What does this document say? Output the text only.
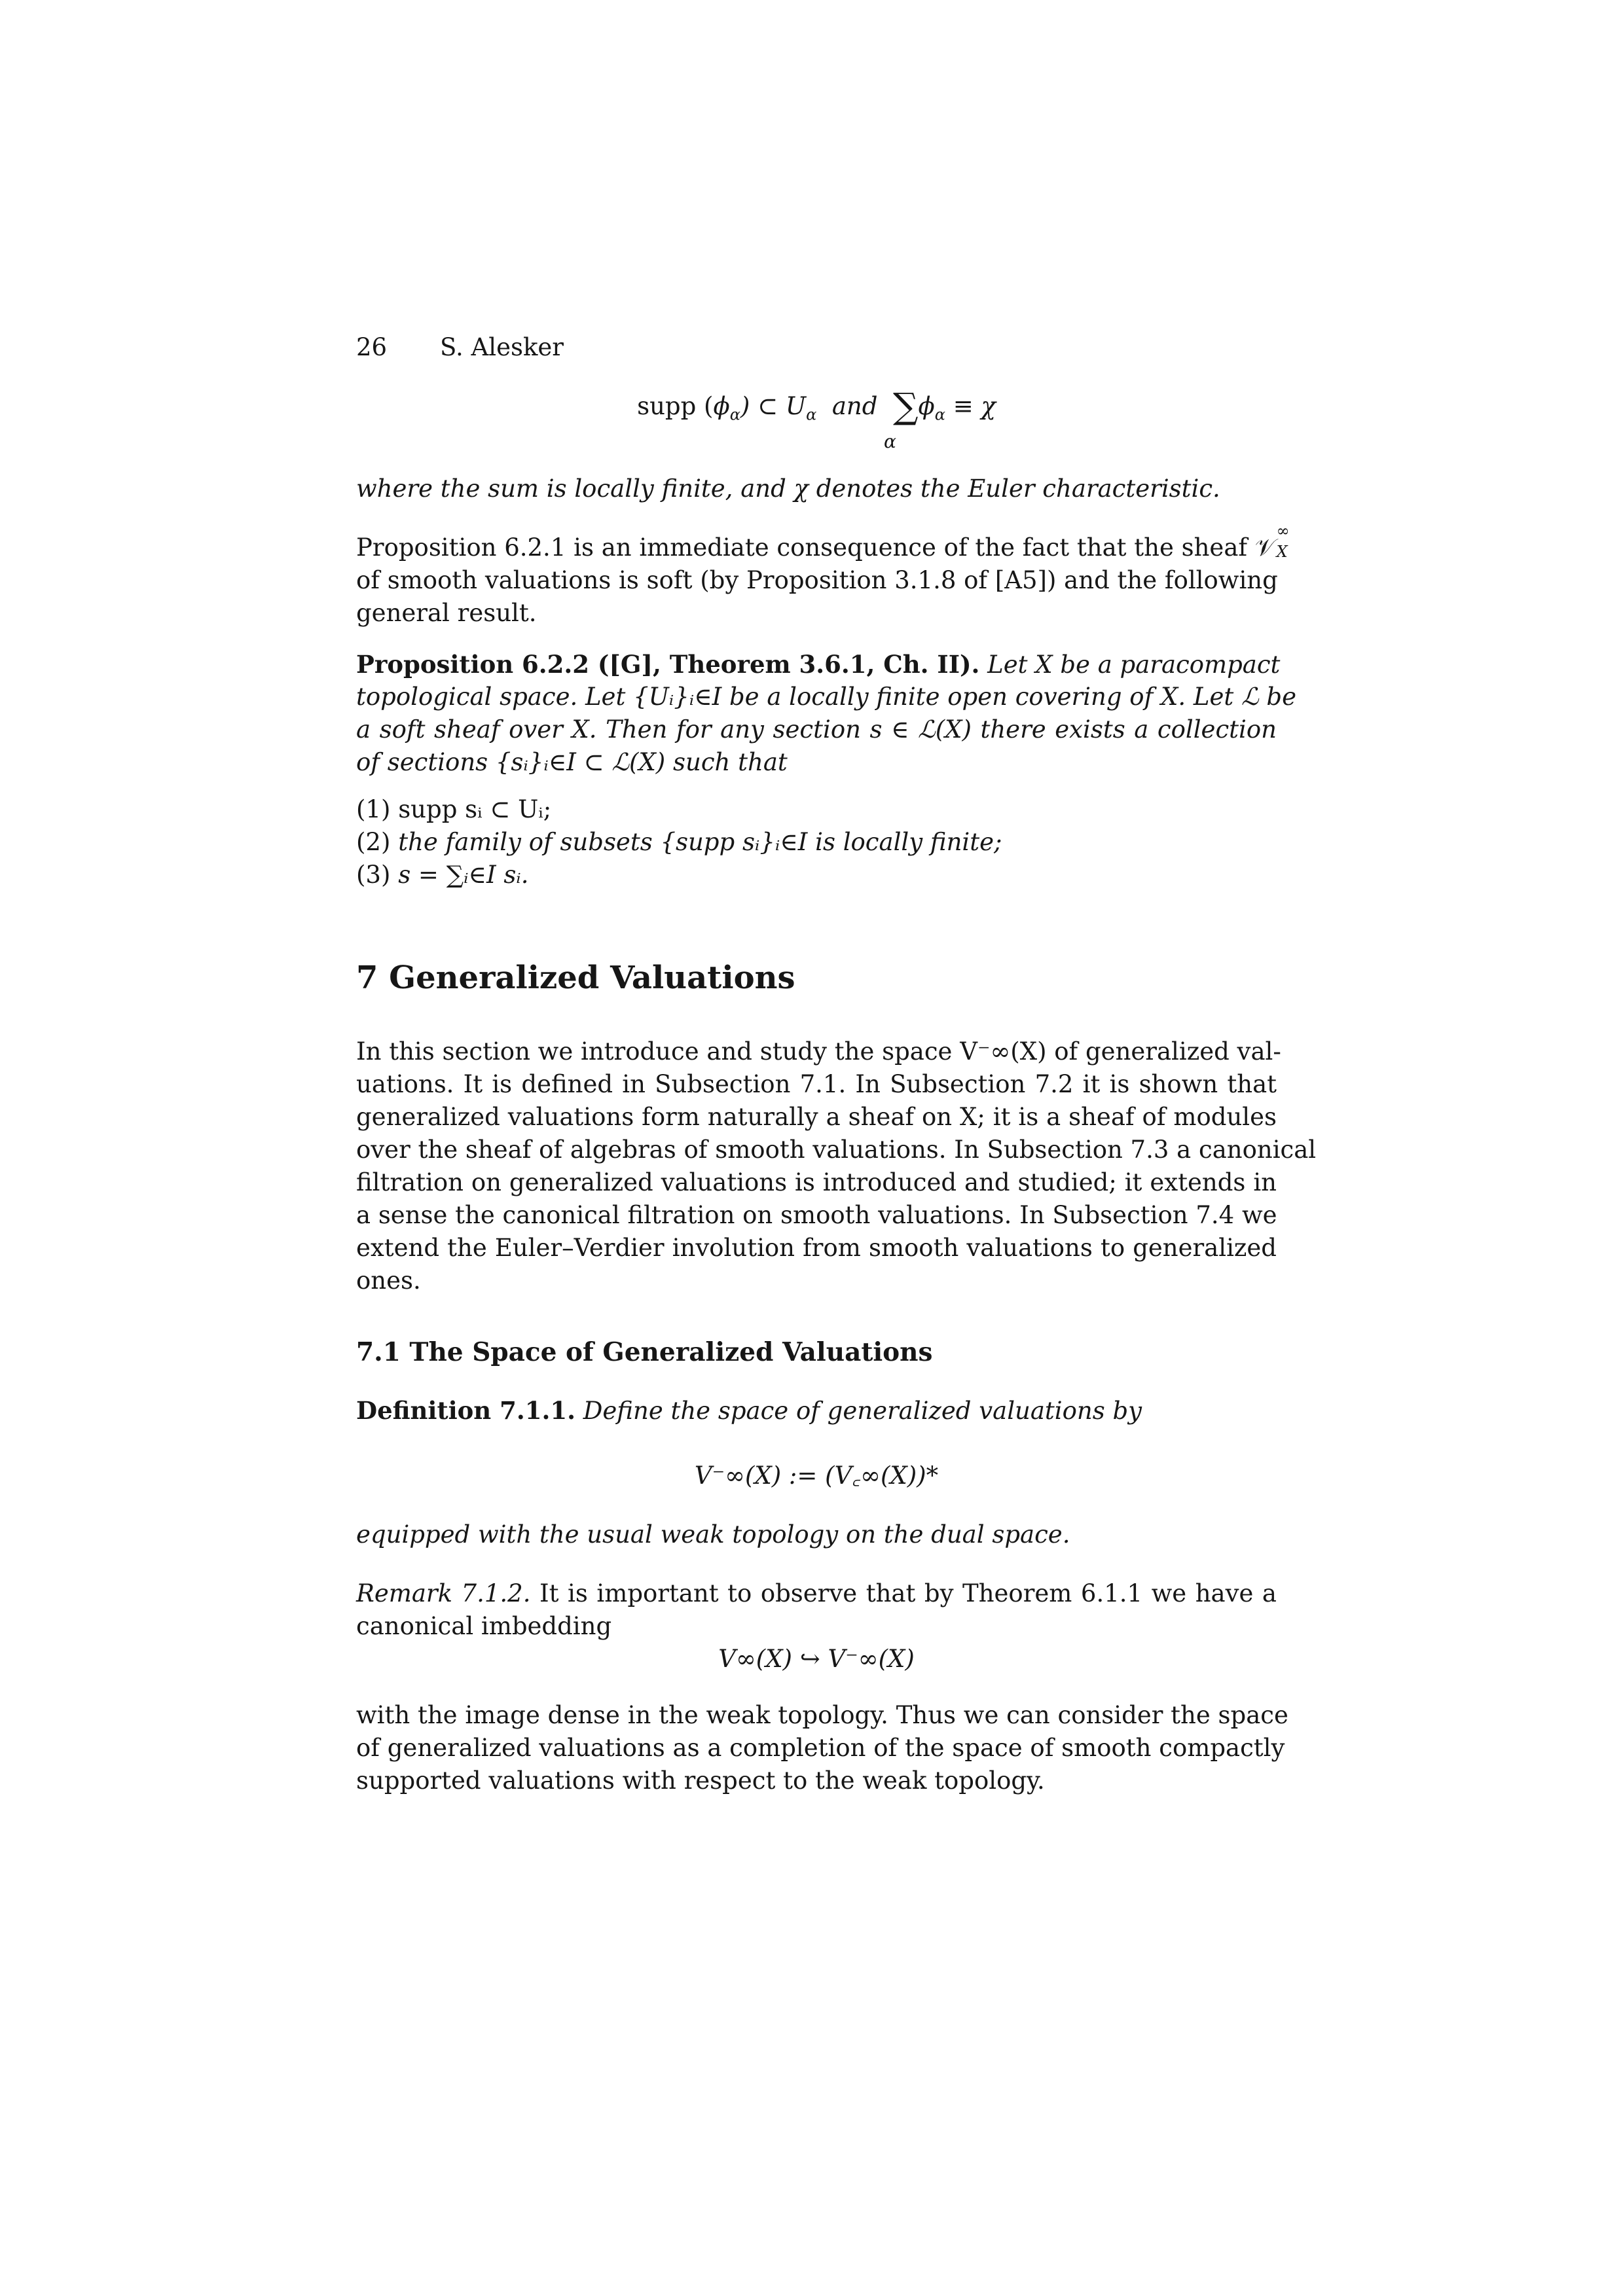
26 S. Alesker
supp $(\phi_\alpha)$ ⊂ $U_\alpha$ and $\sum\phi_\alpha \equiv \chi$
α
where the sum is locally finite, and χ denotes the Euler characteristic.
Proposition 6.2.1 is an immediate consequence of the fact that the sheaf 𝒱
∞
X
of smooth valuations is soft (by Proposition 3.1.8 of [A5]) and the following
general result.
Proposition 6.2.2 ([G], Theorem 3.6.1, Ch. II). Let X be a paracompact
topological space. Let {Uᵢ}ᵢ∈I be a locally finite open covering of X. Let ℒ be
a soft sheaf over X. Then for any section s ∈ ℒ(X) there exists a collection
of sections {sᵢ}ᵢ∈I ⊂ ℒ(X) such that
(1) supp sᵢ ⊂ Uᵢ;
(2) the family of subsets {supp sᵢ}ᵢ∈I is locally finite;
(3) s = ∑ᵢ∈I sᵢ.
7 Generalized Valuations
In this section we introduce and study the space V⁻∞(X) of generalized val-
uations. It is defined in Subsection 7.1. In Subsection 7.2 it is shown that
generalized valuations form naturally a sheaf on X; it is a sheaf of modules
over the sheaf of algebras of smooth valuations. In Subsection 7.3 a canonical
filtration on generalized valuations is introduced and studied; it extends in
a sense the canonical filtration on smooth valuations. In Subsection 7.4 we
extend the Euler–Verdier involution from smooth valuations to generalized
ones.
7.1 The Space of Generalized Valuations
Definition 7.1.1. Define the space of generalized valuations by
V⁻∞(X) := (V꜀∞(X))*
equipped with the usual weak topology on the dual space.
Remark 7.1.2. It is important to observe that by Theorem 6.1.1 we have a
canonical imbedding
V∞(X) ↪ V⁻∞(X)
with the image dense in the weak topology. Thus we can consider the space
of generalized valuations as a completion of the space of smooth compactly
supported valuations with respect to the weak topology.
